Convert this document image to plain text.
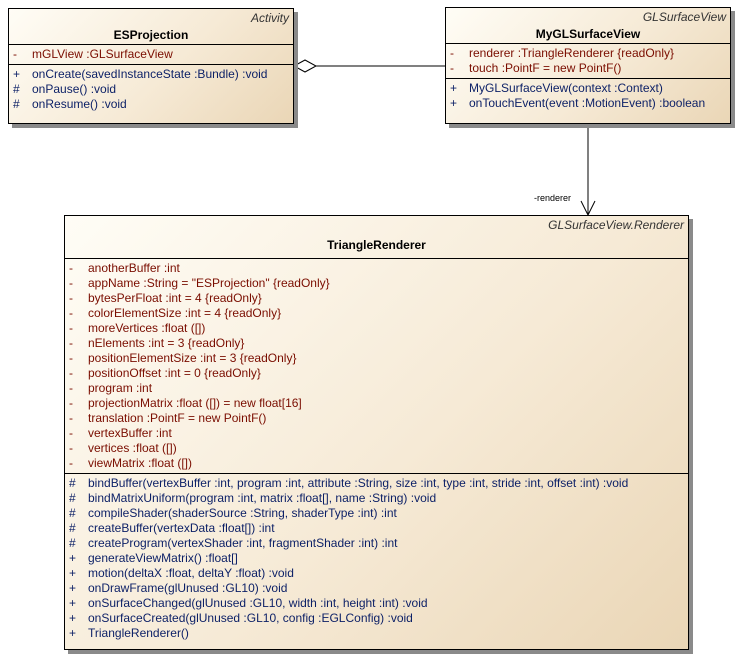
-renderer
Activity
ESProjection
-	mGLView :GLSurfaceView
+ onCreate(savedInstanceState :Bundle) :void
#	onPause() :void
#	onResume() :void
GLSurfaceView
MyGLSurfaceView
-	renderer :TriangleRenderer {readOnly}
-	touch :PointF = new PointF()
+ MyGLSurfaceView(context :Context)
+ onTouchEvent(event :MotionEvent) :boolean
GLSurfaceView.Renderer
TriangleRenderer
-	anotherBuffer :int
-	appName :String = "ESProjection" {readOnly}
-	bytesPerFloat :int = 4 {readOnly}
-	colorElementSize :int = 4 {readOnly}
-	moreVertices :float ([])
-	nElements :int = 3 {readOnly}
-	positionElementSize :int = 3 {readOnly}
-	positionOffset :int = 0 {readOnly}
-	program :int
-	projectionMatrix :float ([]) = new float[16]
-	translation :PointF = new PointF()
-	vertexBuffer :int
-	vertices :float ([])
-	viewMatrix :float ([])
#	bindBuffer(vertexBuffer :int, program :int, attribute :String, size :int, type :int, stride :int, offset :int) :void
#	bindMatrixUniform(program :int, matrix :float[], name :String) :void
#	compileShader(shaderSource :String, shaderType :int) :int
#	createBuffer(vertexData :float[]) :int
#	createProgram(vertexShader :int, fragmentShader :int) :int
+ generateViewMatrix() :float[]
+ motion(deltaX :float, deltaY :float) :void
+ onDrawFrame(glUnused :GL10) :void
+ onSurfaceChanged(glUnused :GL10, width :int, height :int) :void
+ onSurfaceCreated(glUnused :GL10, config :EGLConfig) :void
+ TriangleRenderer()
